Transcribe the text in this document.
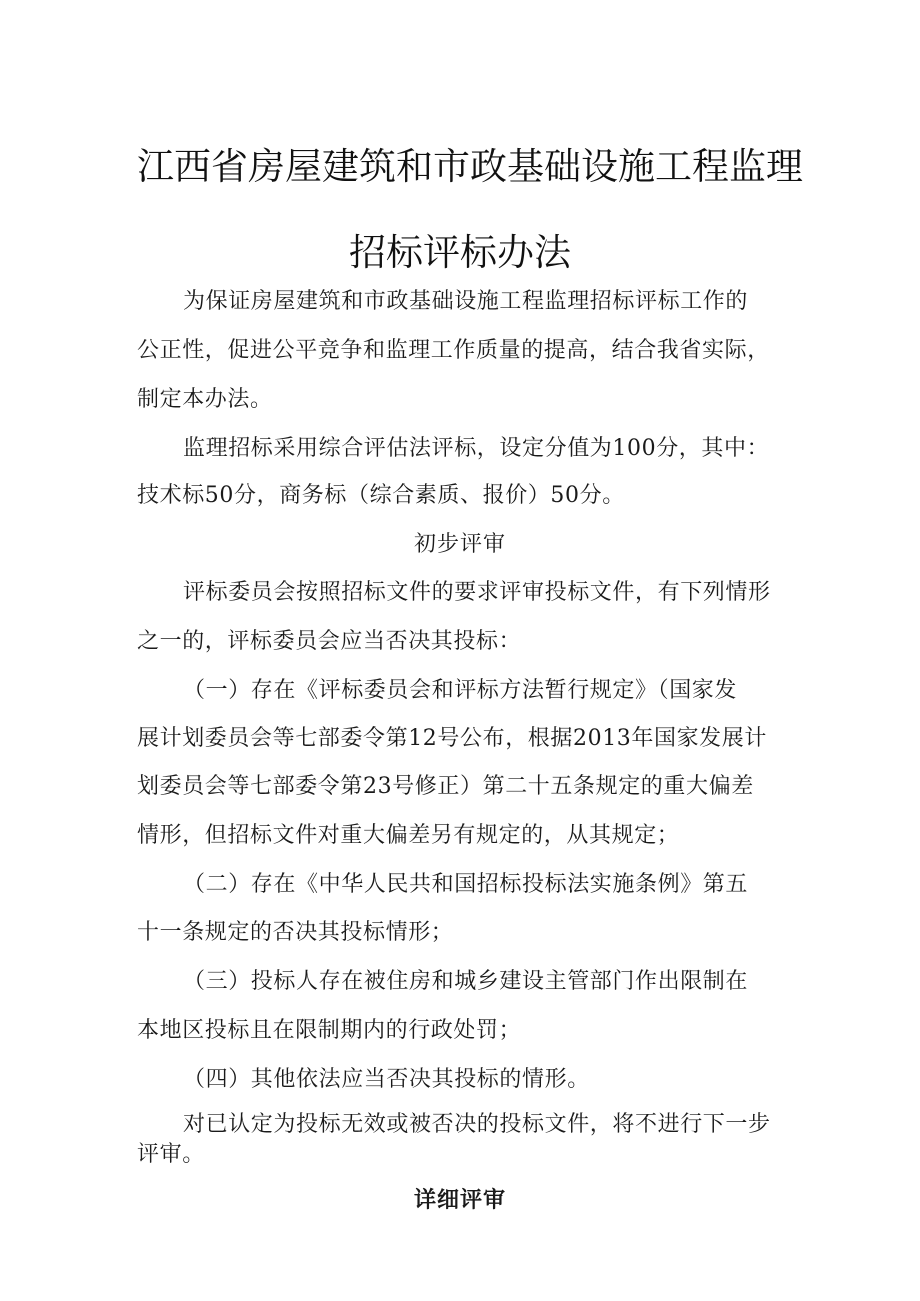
江西省房屋建筑和市政基础设施工程监理
招标评标办法
为保证房屋建筑和市政基础设施工程监理招标评标工作的
公正性，促进公平竞争和监理工作质量的提高，结合我省实际，
制定本办法。
监理招标采用综合评估法评标，设定分值为100分，其中：
技术标50分，商务标（综合素质、报价）50分。
初步评审
评标委员会按照招标文件的要求评审投标文件，有下列情形
之一的，评标委员会应当否决其投标：
（一）存在《评标委员会和评标方法暂行规定》（国家发
展计划委员会等七部委令第12号公布，根据2013年国家发展计
划委员会等七部委令第23号修正）第二十五条规定的重大偏差
情形，但招标文件对重大偏差另有规定的，从其规定；
（二）存在《中华人民共和国招标投标法实施条例》第五
十一条规定的否决其投标情形；
（三）投标人存在被住房和城乡建设主管部门作出限制在
本地区投标且在限制期内的行政处罚；
（四）其他依法应当否决其投标的情形。
对已认定为投标无效或被否决的投标文件，将不进行下一步
评审。
详细评审
